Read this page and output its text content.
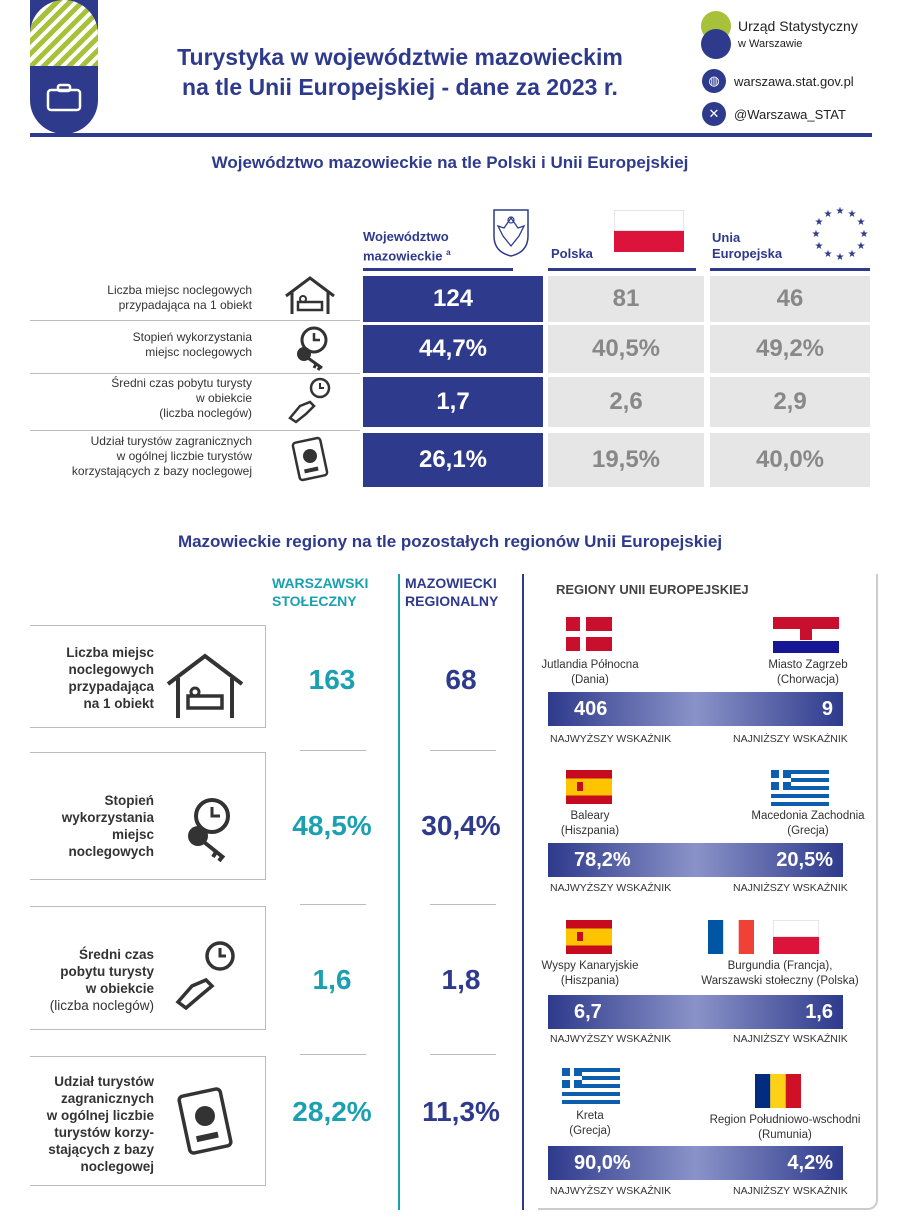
Turystyka w województwie mazowieckim
na tle Unii Europejskiej - dane za 2023 r.
Urząd Statystyczny
w Warszawie
◍	warszawa.stat.gov.pl
✕	@Warszawa_STAT
Województwo mazowieckie na tle Polski i Unii Europejskiej
Województwo
mazowieckie $^a$	Polska
Unia
Europejska
★ ★
★
★
★
★
★
★
★
★
★
★
Liczba miejsc noclegowych
przypadająca na 1 obiekt	124	81	46
Stopień wykorzystania
miejsc noclegowych	44,7%	40,5%	49,2%
Średni czas pobytu turysty
w obiekcie
(liczba noclegów)	1,7	2,6	2,9
Udział turystów zagranicznych
w ogólnej liczbie turystów
korzystających z bazy noclegowej	26,1%	19,5%	40,0%
Mazowieckie regiony na tle pozostałych regionów Unii Europejskiej
WARSZAWSKI
STOŁECZNY
MAZOWIECKI
REGIONALNY
REGIONY UNII EUROPEJSKIEJ
Liczba miejsc
noclegowych
przypadająca
na 1 obiekt
163	68	Jutlandia Północna
(Dania)
Miasto Zagrzeb
(Chorwacja)
406	9
NAJWYŻSZY WSKAŹNIK	NAJNIŻSZY WSKAŹNIK
Stopień
wykorzystania
miejsc
noclegowych
48,5%	30,4%	Baleary
(Hiszpania)
Macedonia Zachodnia
(Grecja)
78,2%	20,5%
NAJWYŻSZY WSKAŹNIK	NAJNIŻSZY WSKAŹNIK
Średni czas
pobytu turysty
w obiekcie
(liczba noclegów)
1,6	1,8	Wyspy Kanaryjskie
(Hiszpania)
Burgundia (Francja),
Warszawski stołeczny (Polska)
6,7	1,6
NAJWYŻSZY WSKAŹNIK	NAJNIŻSZY WSKAŹNIK
Udział turystów
zagranicznych
w ogólnej liczbie
turystów korzy-
stających z bazy
noclegowej
28,2%	11,3%	Kreta
(Grecja)
Region Południowo-wschodni
(Rumunia)
90,0%	4,2%
NAJWYŻSZY WSKAŹNIK	NAJNIŻSZY WSKAŹNIK
